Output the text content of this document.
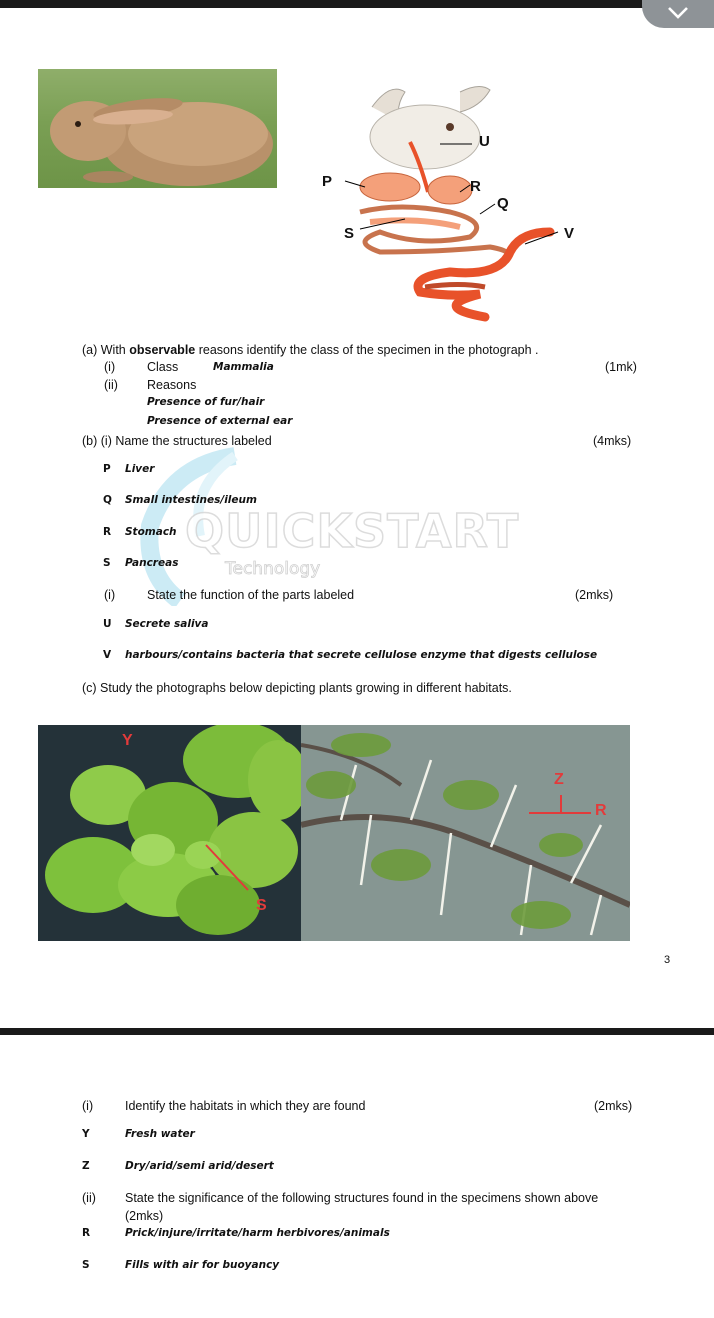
U
P	R
Q
S	V
QUICKSTART
Technology
(a) With observable reasons identify the class of the specimen in the photograph .
(i)	Class	Mammalia	(1mk)
(ii) Reasons
Presence of fur/hair
Presence of external ear
(b) (i) Name the structures labeled	(4mks)
P Liver
Q Small intestines/ileum
R Stomach
S Pancreas
(i)	State the function of the parts labeled	(2mks)
U Secrete saliva
V harbours/contains bacteria that secrete cellulose enzyme that digests cellulose
(c) Study the photographs below depicting plants growing in different habitats.
Y
S
Z
R
3
(i)	Identify the habitats in which they are found	(2mks)
Y	Fresh water
Z	Dry/arid/semi arid/desert
(ii) State the significance of the following structures found in the specimens shown above
(2mks)
R	Prick/injure/irritate/harm herbivores/animals
S	Fills with air for buoyancy
